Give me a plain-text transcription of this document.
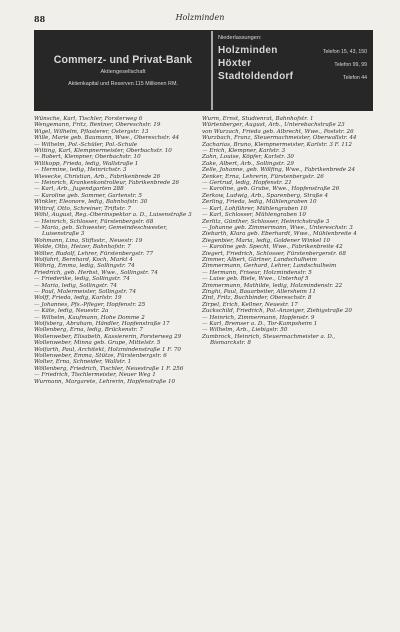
88	Holzminden
Commerz- und Privat-Bank
Aktiengesellschaft
Aktienkapital und Reserven 115 Millionen RM.
Niederlassungen:
Holzminden	Telefon 15, 43, 150
Höxter	Telefon 99, 99
Stadtoldendorf	Telefon 44
Wünsche, Karl, Tischler, Forsterweg 6
Wengemann, Fritz, Rentner, Obereschstr. 19
Wigel, Wilhelm, Pflasterer, Ostergstr. 13
Wille, Marie geb. Baumann, Wwe., Obereschstr. 44
— Wilhelm, Pol.-Schüler, Pol.-Schule
Witting, Karl, Klempnermeister, Oberbachstr. 10
— Robert, Klempner, Oberbachstr. 10
Wiltkopp, Frieda, ledig, Wallstraße 1
— Hermine, ledig, Heinrichstr. 3
Wiesecke, Christian, Arb., Fabrikenbrede 26
— Heinrich, Krankenkontrolleur, Fabrikenbrede 26
— Karl, Arb., Jugendgarten 288
— Karoline geb. Sommer, Gartenstr. 5
Winkler, Eleonore, ledig, Bahnhofstr. 30
Wittrof, Otto, Schreiner, Triftstr. 7
Wöhl, August, Reg.-Oberinspektor a. D., Luisenstraße 3
— Heinrich, Schlosser, Fürstenbergstr. 68
— Maria, geb. Schwester, Gemeindeschwester, Luisenstraße 3
Wohmann, Lina, Stiftsstr., Neuestr. 19
Wolde, Otto, Heizer, Bahnhofstr. 7
Wölter, Rudolf, Lehrer, Fürstenbergstr. 77
Wolfahrt, Bernhard, Koch, Markt 4
Wöhrig, Emma, ledig, Sollingstr. 74
Friedrich, geb. Herbst, Wwe., Sollingstr. 74
— Friederike, ledig, Sollingstr. 74
— Maria, ledig, Sollingstr. 74
— Paul, Malermeister, Sollingstr. 74
Wolff, Frieda, ledig, Karlstr. 19
— Johannes, Pfs.-Pfleger, Hopfenstr. 25
— Käte, ledig, Neuestr. 2a
— Wilhelm, Kaufmann, Hohe Domme 2
Wolfsberg, Abraham, Händler, Hopfenstraße 17
Wollenberg, Erna, ledig, Brückenstr. 7
Wollenweber, Elisabeth, Kassiererin, Forsterweg 29
Wollenweber, Minna geb. Grupe, Mittelstr. 5
Wolfarth, Paul, Architekt, Holzmindenstraße 1 F. 70
Wollenweber, Emma, Stütze, Fürstenbergstr. 6
Wolter, Erna, Schneider, Wallstr. 1
Wöllenberg, Friedrich, Tischler, Neuestraße 1 F. 256
— Friedrich, Tischlermeister, Neuer Weg 1
Wurmann, Margarete, Lehrerin, Hopfenstraße 10
Wurm, Ernst, Studienrat, Bahnhofstr. 1
Würtenberger, August, Arb., Unterebachstraße 23
von Wurzach, Frieda geb. Albrecht, Wwe., Poststr. 26
Wurzbach, Franz, Steuermachmeister, Oberwallstr. 44
Zacharias, Bruno, Klempnermeister, Karlstr. 3 F. 112
— Erich, Klempner, Karlstr. 3
Zahn, Louise, Köpfer, Karlstr. 30
Zake, Albert, Arb., Sollingstr. 29
Zelle, Johanne, geb. Wölfing, Wwe., Fabrikenbrede 24
Zenker, Erna, Lehrerin, Fürstenbergstr. 26
— Gertrud, ledig, Hopfenstr. 21
— Karoline, geb. Grube, Wwe., Hopfenstraße 26
Zerkow, Ludwig, Arb., Sparenberg, Straße 4
Zerling, Frieda, ledig, Mühlengraben 10
— Karl, Lohführer, Mühlengraben 10
— Karl, Schlosser, Mühlengraben 10
Zerlitz, Günther, Schlosser, Heinrichstraße 3
— Johanne geb. Zimmermann, Wwe., Untereschstr. 3
Ziebarth, Klara geb. Eberhardt, Wwe., Mühlenbreite 4
Ziegenbier, Maria, ledig, Goldener Winkel 10
— Karoline geb. Specht, Wwe., Fabrikenbreite 42
Ziegert, Friedrich, Schlosser, Fürstenbergerstr. 68
Zimmer, Albert, Gärtner, Landschulheim
Zimmermann, Gerhard, Lehrer, Landschulheim
— Hermann, Friseur, Holzmindenstr. 5
— Luise geb. Riele, Wwe., Unterhof 5
Zimmermann, Mathilde, ledig, Holzmindenstr. 22
Zinghi, Paul, Bauarbeiter, Allersheim 11
Zint, Fritz, Buchbinder, Obereschstr. 8
Zirpel, Erich, Kellner, Neuestr. 17
Zuckschild, Friedrich, Pol.-Anzeiger, Ziebigstraße 20
— Heinrich, Zimmermann, Hopfenstr. 9
— Karl, Bremser a. D., Tor-Kampsheim 1
— Wilhelm, Arb., Liebigstr. 50
Zumbrock, Heinrich, Steuermachmeister a. D., Bismarckstr. 8
